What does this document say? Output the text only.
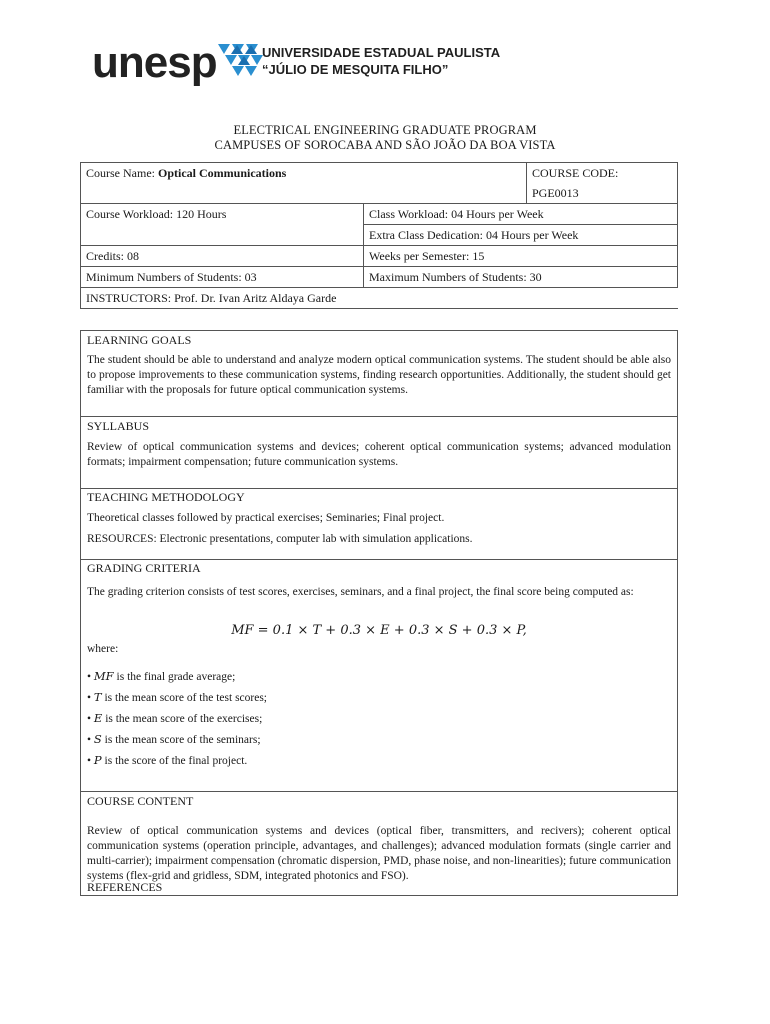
unesp	UNIVERSIDADE ESTADUAL PAULISTA
“JÚLIO DE MESQUITA FILHO”
ELECTRICAL ENGINEERING GRADUATE PROGRAM
CAMPUSES OF SOROCABA AND SÃO JOÃO DA BOA VISTA
Course Name: Optical Communications		COURSE CODE:
		PGE0013
Course Workload: 120 Hours	Class Workload: 04 Hours per Week	
	Extra Class Dedication: 04 Hours per Week	
Credits: 08	Weeks per Semester: 15	
Minimum Numbers of Students: 03	Maximum Numbers of Students: 30	
INSTRUCTORS: Prof. Dr. Ivan Aritz Aldaya Garde		
LEARNING GOALS
The student should be able to understand and analyze modern optical communication systems. The student should be able also to propose improvements to these communication systems, finding research opportunities. Additionally, the student should get familiar with the proposals for future optical communication systems.
SYLLABUS
Review of optical communication systems and devices; coherent optical communication systems; advanced modulation formats; impairment compensation; future communication systems.
TEACHING METHODOLOGY
Theoretical classes followed by practical exercises; Seminaries; Final project.
RESOURCES: Electronic presentations, computer lab with simulation applications.
GRADING CRITERIA
The grading criterion consists of test scores, exercises, seminars, and a final project, the final score being computed as:
MF = 0.1 × T + 0.3 × E + 0.3 × S + 0.3 × P,
where:
• MF is the final grade average;
• T is the mean score of the test scores;
• E is the mean score of the exercises;
• S is the mean score of the seminars;
• P is the score of the final project.
COURSE CONTENT
Review of optical communication systems and devices (optical fiber, transmitters, and recivers); coherent optical communication systems (operation principle, advantages, and challenges); advanced modulation formats (single carrier and multi-carrier); impairment compensation (chromatic dispersion, PMD, phase noise, and non-linearities); future communication systems (flex-grid and gridless, SDM, integrated photonics and FSO).
REFERENCES
